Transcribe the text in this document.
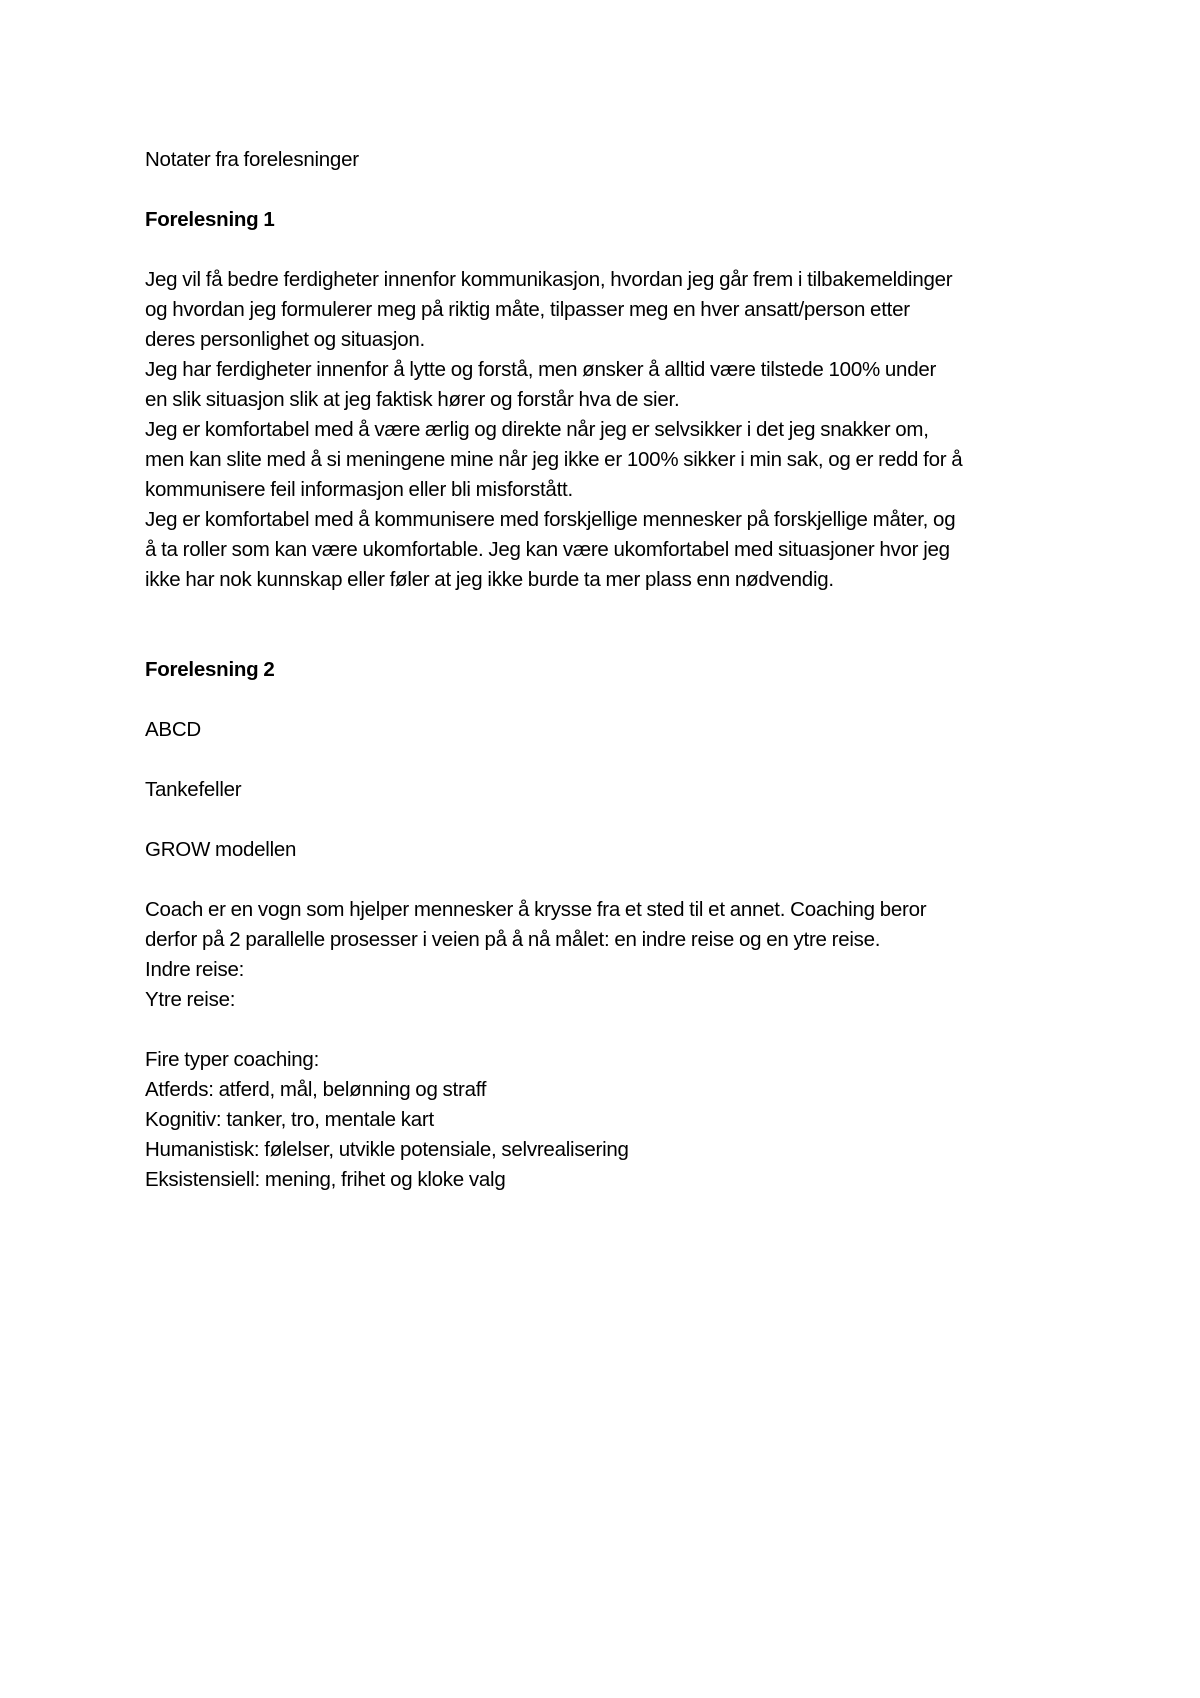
Notater fra forelesninger
Forelesning 1
Jeg vil få bedre ferdigheter innenfor kommunikasjon, hvordan jeg går frem i tilbakemeldinger
og hvordan jeg formulerer meg på riktig måte, tilpasser meg en hver ansatt/person etter
deres personlighet og situasjon.
Jeg har ferdigheter innenfor å lytte og forstå, men ønsker å alltid være tilstede 100% under
en slik situasjon slik at jeg faktisk hører og forstår hva de sier.
Jeg er komfortabel med å være ærlig og direkte når jeg er selvsikker i det jeg snakker om,
men kan slite med å si meningene mine når jeg ikke er 100% sikker i min sak, og er redd for å
kommunisere feil informasjon eller bli misforstått.
Jeg er komfortabel med å kommunisere med forskjellige mennesker på forskjellige måter, og
å ta roller som kan være ukomfortable. Jeg kan være ukomfortabel med situasjoner hvor jeg
ikke har nok kunnskap eller føler at jeg ikke burde ta mer plass enn nødvendig.
Forelesning 2
ABCD
Tankefeller
GROW modellen
Coach er en vogn som hjelper mennesker å krysse fra et sted til et annet. Coaching beror
derfor på 2 parallelle prosesser i veien på å nå målet: en indre reise og en ytre reise.
Indre reise:
Ytre reise:
Fire typer coaching:
Atferds: atferd, mål, belønning og straff
Kognitiv: tanker, tro, mentale kart
Humanistisk: følelser, utvikle potensiale, selvrealisering
Eksistensiell: mening, frihet og kloke valg
